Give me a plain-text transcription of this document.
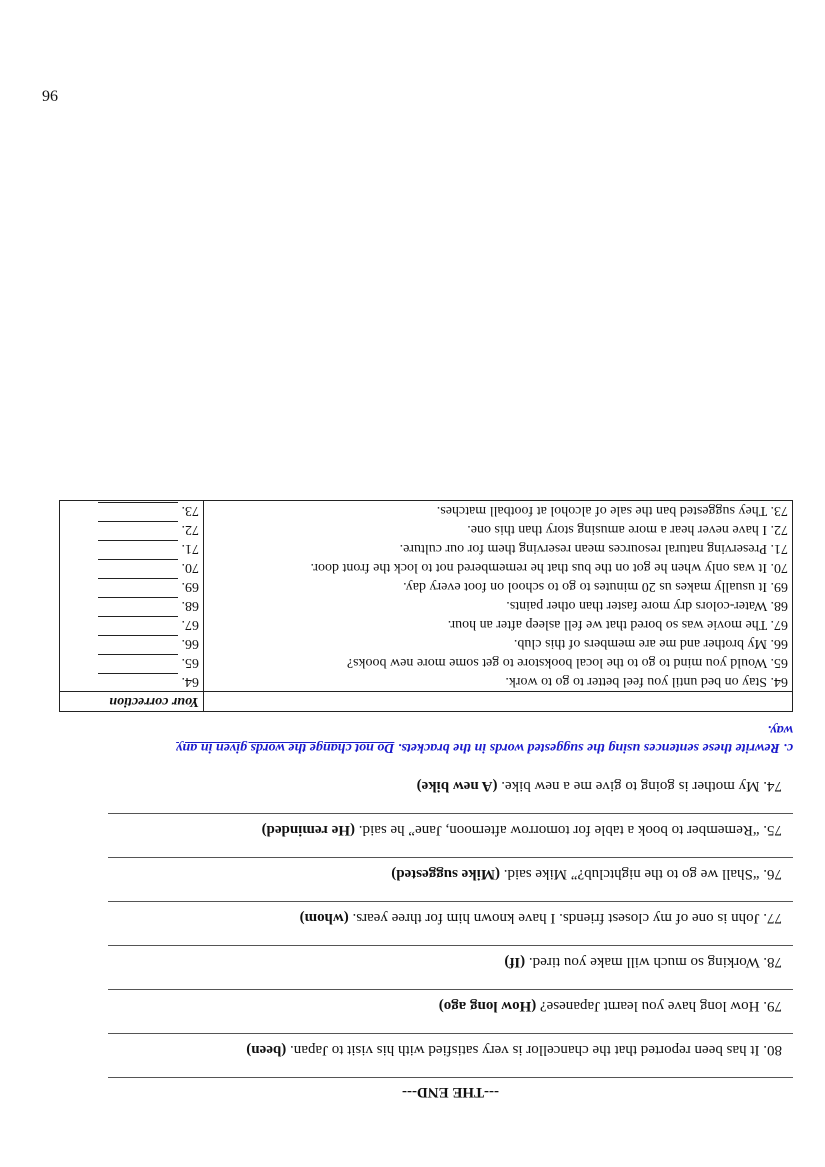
96
---THE END---
80. It has been reported that the chancellor is very satisfied with his visit to Japan. (been)
79. How long have you learnt Japanese? (How long ago)
78. Working so much will make you tired. (If)
77. John is one of my closest friends. I have known him for three years. (whom)
76. “Shall we go to the nightclub?” Mike said. (Mike suggested)
75. “Remember to book a table for tomorrow afternoon, Jane” he said. (He reminded)
74. My mother is going to give me a new bike. (A new bike)
c. Rewrite these sentences using the suggested words in the brackets. Do not change the words given in any
way.
	Your correction
64. Stay on bed until you feel better to go to work.	64.
65. Would you mind to go to the local bookstore to get some more new books?	65.
66. My brother and me are members of this club.	66.
67. The movie was so bored that we fell asleep after an hour.	67.
68. Water-colors dry more faster than other paints.	68.
69. It usually makes us 20 minutes to go to school on foot every day.	69.
70. It was only when he got on the bus that he remembered not to lock the front door.	70.
71. Preserving natural resources mean reserving them for our culture.	71.
72. I have never hear a more amusing story than this one.	72.
73. They suggested ban the sale of alcohol at football matches.	73.
